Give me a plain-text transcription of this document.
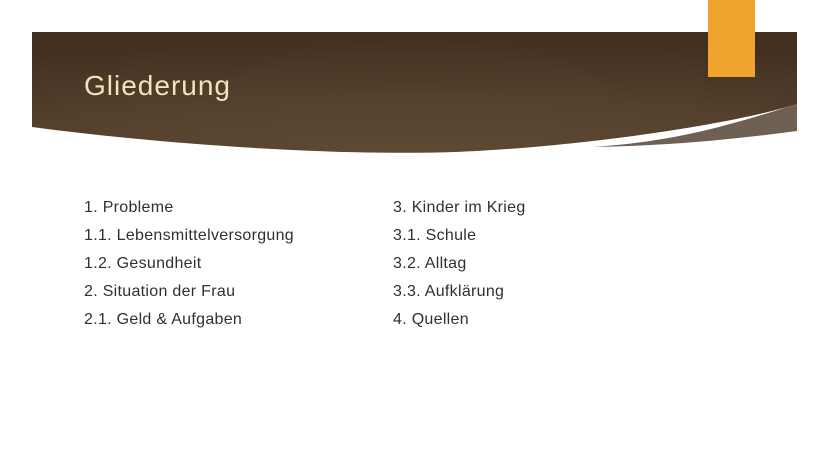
Gliederung
1. Probleme
1.1. Lebensmittelversorgung
1.2. Gesundheit
2. Situation der Frau
2.1. Geld & Aufgaben
3. Kinder im Krieg
3.1. Schule
3.2. Alltag
3.3. Aufklärung
4. Quellen
